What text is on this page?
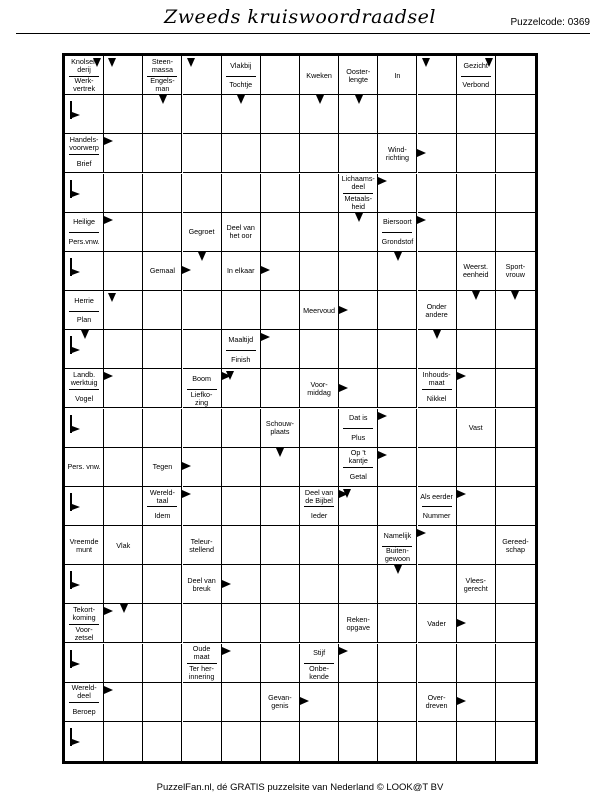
Zweeds kruiswoordraadsel	Puzzelcode: 0369
Knolsel-
derij
Werk-
vertrek
Steen-
massa
Engels-
man
Vlakbij
Tochtje
Kweken	Ooster-
lengte	In
Gezicht
Verbond
Handels-
voorwerp
Brief
Wind-
richting
Lichaams-
deel
Metaals-
heid
Heilige
Pers.vnw.
Gegroet	Deel van
het oor
Biersoort
Grondstof
Gemaal	In elkaar	Weerst.
eenheid
Sport-
vrouw
Herrie
Plan
Meervoud	Onder
andere
Maaltijd
Finish
Landb.
werktuig
Vogel
Boom
Liefko-
zing
Voor-
middag
Inhouds-
maat
Nikkel
Schouw-
plaats
Dat is
Plus
Vast
Pers. vnw.	Tegen
Op 't
kantje
Getal
Wereld-
taal
Idem
Deel van
de Bijbel
Ieder
Als eerder
Nummer
Vreemde
munt	Vlak	Teleur-
stellend
Namelijk
Buiten-
gewoon
Gereed-
schap
Deel van
breuk
Vlees-
gerecht
Tekort-
koming
Voor-
zetsel
Reken-
opgave	Vader
Oude
maat
Ter her-
innering
Stijf
Onbe-
kende
Wereld-
deel
Beroep
Gevan-
genis
Over-
dreven
PuzzelFan.nl, dé GRATIS puzzelsite van Nederland © LOOK@T BV
